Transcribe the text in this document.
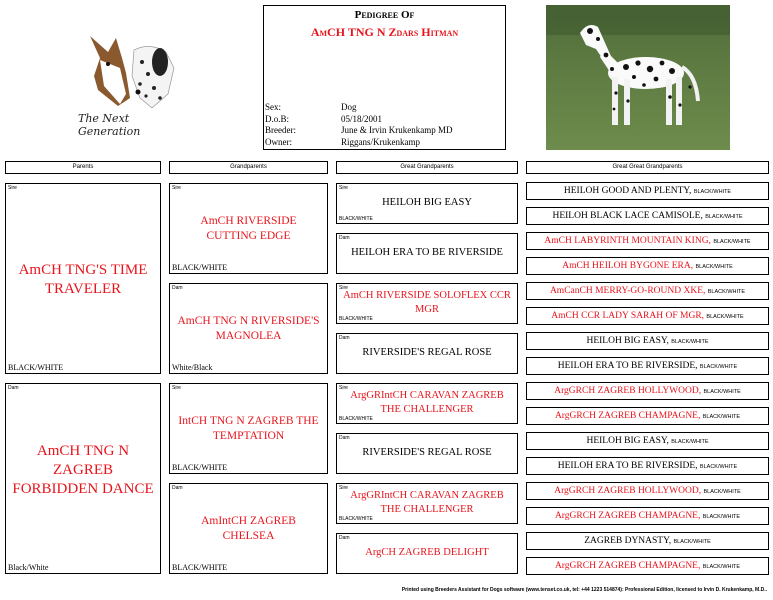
The Next Generation
Pedigree Of
AmCH TNG N Zdars Hitman
Sex:	Dog
D.o.B:	05/18/2001
Breeder:	June & Irvin Krukenkamp MD
Owner:	Riggans/Krukenkamp
Parents	Grandparents	Great Grandparents	Great Great Grandparents
Sire
AmCH TNG'S TIME TRAVELER
BLACK/WHITE
Dam
AmCH TNG N ZAGREB FORBIDDEN DANCE
Black/White
Sire
AmCH RIVERSIDE CUTTING EDGE
BLACK/WHITE
Dam
AmCH TNG N RIVERSIDE'S MAGNOLEA
White/Black
Sire
IntCH TNG N ZAGREB THE TEMPTATION
BLACK/WHITE
Dam
AmIntCH ZAGREB CHELSEA
BLACK/WHITE
Sire
HEILOH BIG EASY
BLACK/WHITE
Dam
HEILOH ERA TO BE RIVERSIDE
Sire
AmCH RIVERSIDE SOLOFLEX CCR MGR
BLACK/WHITE
Dam
RIVERSIDE'S REGAL ROSE
Sire
ArgGRIntCH CARAVAN ZAGREB THE CHALLENGER
BLACK/WHITE
Dam
RIVERSIDE'S REGAL ROSE
Sire
ArgGRIntCH CARAVAN ZAGREB THE CHALLENGER
BLACK/WHITE
Dam
ArgCH ZAGREB DELIGHT
HEILOH GOOD AND PLENTY, BLACK/WHITE
HEILOH BLACK LACE CAMISOLE, BLACK/WHITE
AmCH LABYRINTH MOUNTAIN KING, BLACK/WHITE
AmCH HEILOH BYGONE ERA, BLACK/WHITE
AmCanCH MERRY-GO-ROUND XKE, BLACK/WHITE
AmCH CCR LADY SARAH OF MGR, BLACK/WHITE
HEILOH BIG EASY, BLACK/WHITE
HEILOH ERA TO BE RIVERSIDE, BLACK/WHITE
ArgGRCH ZAGREB HOLLYWOOD, BLACK/WHITE
ArgGRCH ZAGREB CHAMPAGNE, BLACK/WHITE
HEILOH BIG EASY, BLACK/WHITE
HEILOH ERA TO BE RIVERSIDE, BLACK/WHITE
ArgGRCH ZAGREB HOLLYWOOD, BLACK/WHITE
ArgGRCH ZAGREB CHAMPAGNE, BLACK/WHITE
ZAGREB DYNASTY, BLACK/WHITE
ArgGRCH ZAGREB CHAMPAGNE, BLACK/WHITE
Printed using Breeders Assistant for Dogs software (www.tenset.co.uk, tel: +44 1223 514874): Professional Edition, licensed to Irvin D. Krukenkamp, M.D..
